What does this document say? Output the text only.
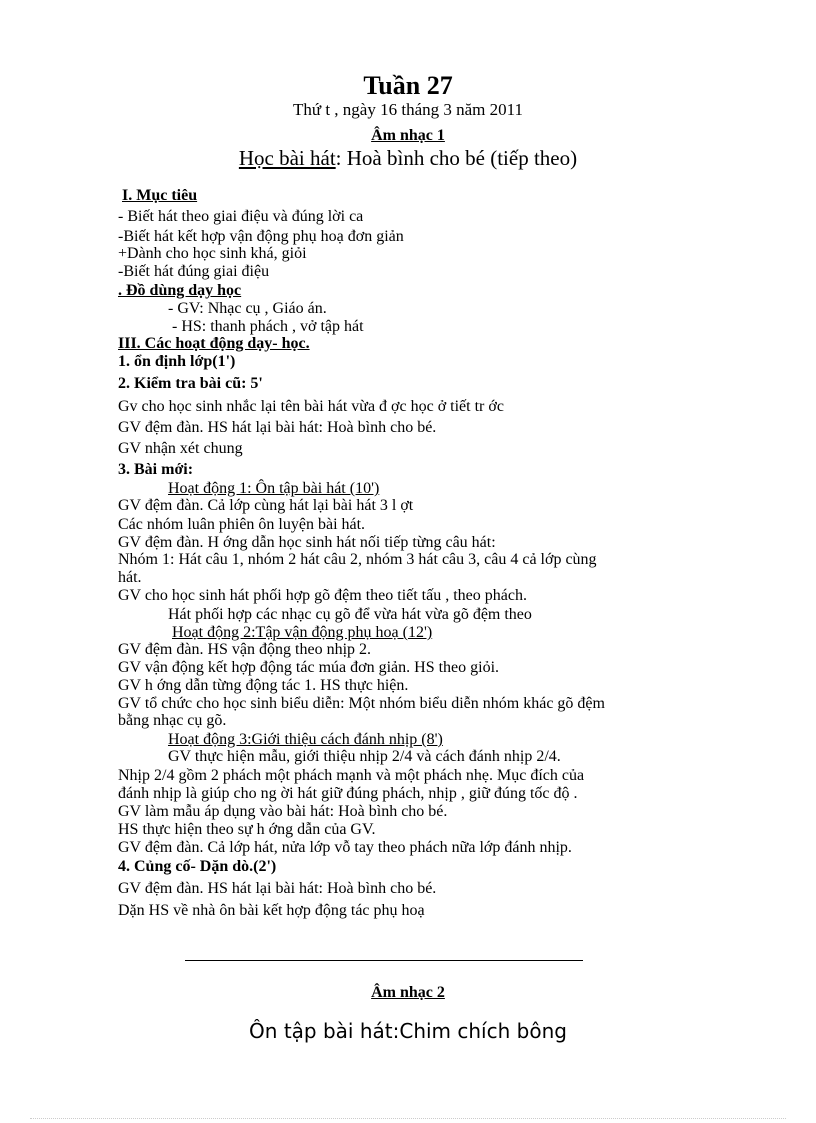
Tuần 27
Thứ t , ngày 16 tháng 3 năm 2011
Âm nhạc 1
Học bài hát: Hoà bình cho bé (tiếp theo)
I. Mục tiêu
- Biết hát theo giai điệu và đúng lời ca
-Biết hát kết hợp vận động phụ hoạ đơn giản
+Dành cho học sinh khá, giỏi
-Biết hát đúng giai điệu
. Đồ dùng dạy học
- GV: Nhạc cụ , Giáo án.
- HS: thanh phách , vở tập hát
III. Các hoạt động dạy- học.
1. ổn định lớp(1')
2. Kiểm tra bài cũ: 5'
Gv cho học sinh nhắc lại tên bài hát vừa đ ợc học ở tiết tr ớc
GV đệm đàn. HS hát lại bài hát: Hoà bình cho bé.
GV nhận xét chung
3. Bài mới:
Hoạt động 1: Ôn tập bài hát (10')
GV đệm đàn. Cả lớp cùng hát lại bài hát 3 l ợt
Các nhóm luân phiên ôn luyện bài hát.
GV đệm đàn. H ớng dẫn học sinh hát nối tiếp từng câu hát:
Nhóm 1: Hát câu 1, nhóm 2 hát câu 2, nhóm 3 hát câu 3, câu 4 cả lớp cùng
hát.
GV cho học sinh hát phối hợp gõ đệm theo tiết tấu , theo phách.
Hát phối hợp các nhạc cụ gõ để vừa hát vừa gõ đệm theo
Hoạt động 2:Tập vận động phụ hoạ (12')
GV đệm đàn. HS vận động theo nhịp 2.
GV vận động kết hợp động tác múa đơn giản. HS theo giỏi.
GV h ớng dẫn từng động tác 1. HS thực hiện.
GV tổ chức cho học sinh biểu diễn: Một nhóm biểu diễn nhóm khác gõ đệm
bằng nhạc cụ gõ.
Hoạt động 3:Giới thiệu cách đánh nhịp (8')
GV thực hiện mẫu, giới thiệu nhịp 2/4 và cách đánh nhịp 2/4.
Nhịp 2/4 gồm 2 phách một phách mạnh và một phách nhẹ. Mục đích của
đánh nhịp là giúp cho ng ời hát giữ đúng phách, nhịp , giữ đúng tốc độ .
GV làm mẫu áp dụng vào bài hát: Hoà bình cho bé.
HS thực hiện theo sự h ớng dẫn của GV.
GV đệm đàn. Cả lớp hát, nửa lớp vỗ tay theo phách nữa lớp đánh nhịp.
4. Củng cố- Dặn dò.(2')
GV đệm đàn. HS hát lại bài hát: Hoà bình cho bé.
Dặn HS về nhà ôn bài kết hợp động tác phụ hoạ
Âm nhạc 2
Ôn tập bài hát:Chim chích bông
